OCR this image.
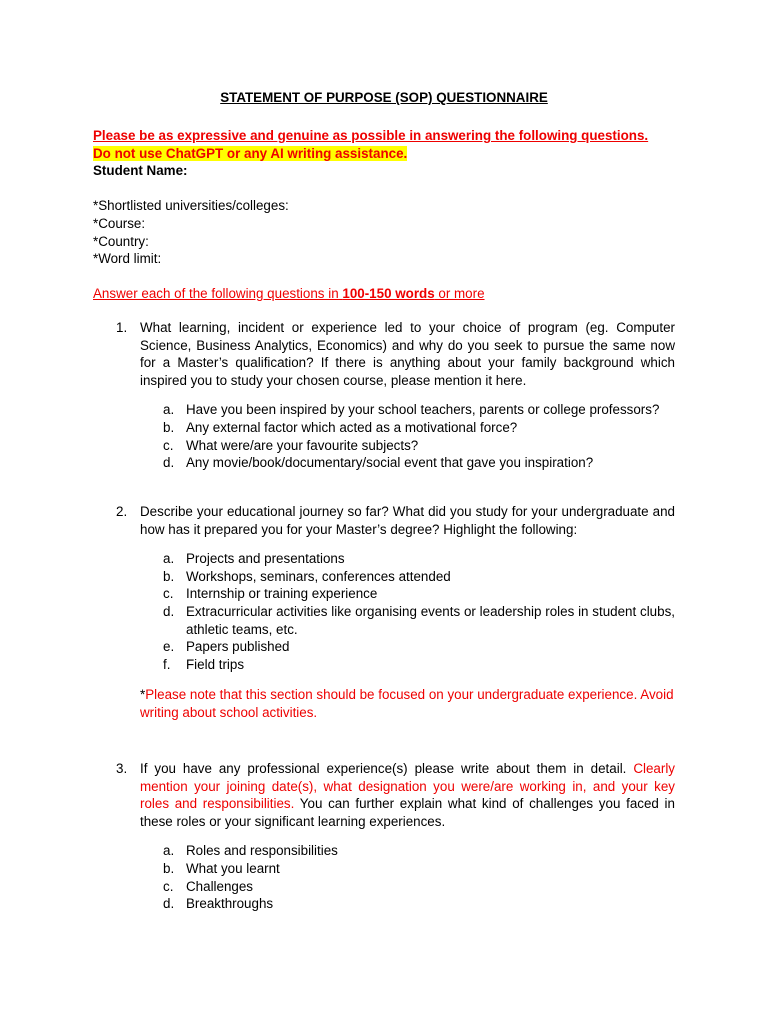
STATEMENT OF PURPOSE (SOP) QUESTIONNAIRE
Please be as expressive and genuine as possible in answering the following questions.
Do not use ChatGPT or any AI writing assistance.
Student Name:
*Shortlisted universities/colleges:
*Course:
*Country:
*Word limit:
Answer each of the following questions in 100-150 words or more
1. What learning, incident or experience led to your choice of program (eg. Computer Science, Business Analytics, Economics) and why do you seek to pursue the same now for a Master’s qualification? If there is anything about your family background which inspired you to study your chosen course, please mention it here.
a. Have you been inspired by your school teachers, parents or college professors?
b. Any external factor which acted as a motivational force?
c. What were/are your favourite subjects?
d. Any movie/book/documentary/social event that gave you inspiration?
2. Describe your educational journey so far? What did you study for your undergraduate and how has it prepared you for your Master’s degree? Highlight the following:
a. Projects and presentations
b. Workshops, seminars, conferences attended
c. Internship or training experience
d. Extracurricular activities like organising events or leadership roles in student clubs, athletic teams, etc.
e. Papers published
f. Field trips
*Please note that this section should be focused on your undergraduate experience. Avoid writing about school activities.
3. If you have any professional experience(s) please write about them in detail. Clearly mention your joining date(s), what designation you were/are working in, and your key roles and responsibilities. You can further explain what kind of challenges you faced in these roles or your significant learning experiences.
a. Roles and responsibilities
b. What you learnt
c. Challenges
d. Breakthroughs
